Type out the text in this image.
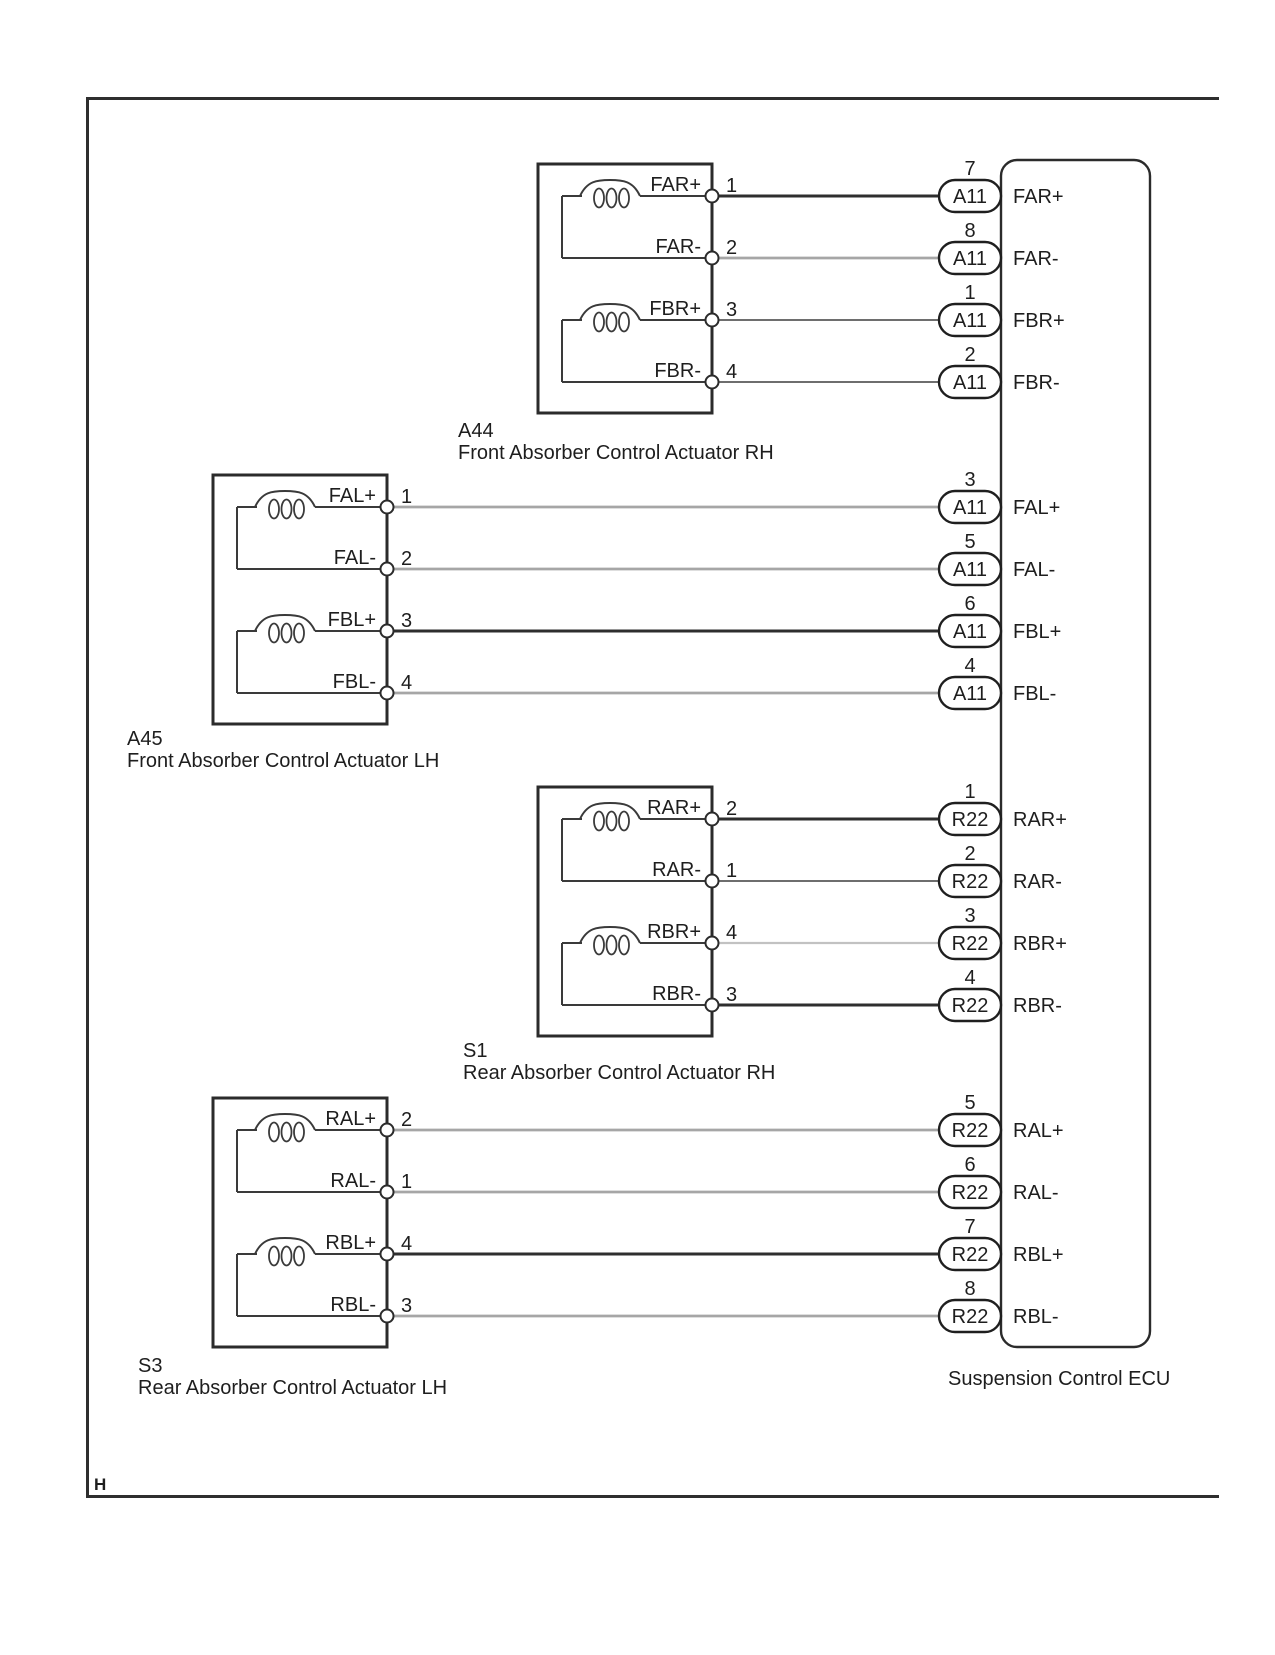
A44
Front Absorber Control Actuator RH
FAR+ 1	A11
7
FAR+
FAR- 2	A11
8
FAR-
FBR+ 3	A11
1
FBR+
FBR- 4	A11
2
FBR-
A45
Front Absorber Control Actuator LH
FAL+ 1	A11
3
FAL+
FAL- 2	A11
5
FAL-
FBL+ 3	A11
6
FBL+
FBL- 4	A11
4
FBL-
S1
Rear Absorber Control Actuator RH
RAR+ 2	R22
1
RAR+
RAR- 1	R22
2
RAR-
RBR+ 4	R22
3
RBR+
RBR- 3	R22
4
RBR-
S3
Rear Absorber Control Actuator LH
RAL+ 2	R22
5
RAL+
RAL- 1	R22
6
RAL-
RBL+ 4	R22
7
RBL+
RBL- 3	R22
8
RBL-
Suspension Control ECU
H
